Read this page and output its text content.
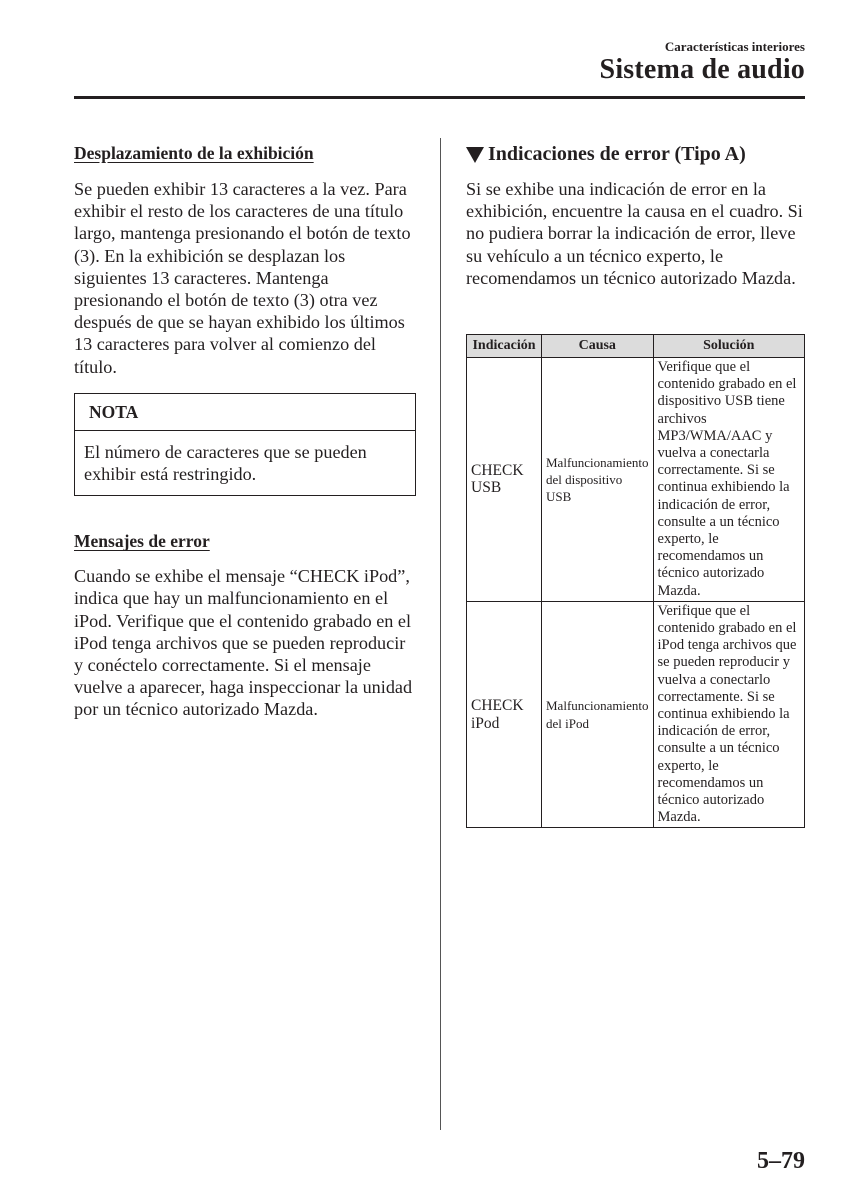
Características interiores
Sistema de audio

Desplazamiento de la exhibición

Se pueden exhibir 13 caracteres a la vez. Para exhibir el resto de los caracteres de una título largo, mantenga presionando el botón de texto (3). En la exhibición se desplazan los siguientes 13 caracteres. Mantenga presionando el botón de texto (3) otra vez después de que se hayan exhibido los últimos 13 caracteres para volver al comienzo del título.

NOTA
El número de caracteres que se pueden exhibir está restringido.

Mensajes de error

Cuando se exhibe el mensaje “CHECK iPod”, indica que hay un malfuncionamiento en el iPod. Verifique que el contenido grabado en el iPod tenga archivos que se pueden reproducir y conéctelo correctamente. Si el mensaje vuelve a aparecer, haga inspeccionar la unidad por un técnico autorizado Mazda.

Indicaciones de error (Tipo A)

Si se exhibe una indicación de error en la exhibición, encuentre la causa en el cuadro. Si no pudiera borrar la indicación de error, lleve su vehículo a un técnico experto, le recomendamos un técnico autorizado Mazda.

Indicación	Causa	Solución
CHECK USB	Malfuncionamiento del dispositivo USB	Verifique que el contenido grabado en el dispositivo USB tiene archivos MP3/WMA/AAC y vuelva a conectarla correctamente. Si se continua exhibiendo la indicación de error, consulte a un técnico experto, le recomendamos un técnico autorizado Mazda.
CHECK iPod	Malfuncionamiento del iPod	Verifique que el contenido grabado en el iPod tenga archivos que se pueden reproducir y vuelva a conectarlo correctamente. Si se continua exhibiendo la indicación de error, consulte a un técnico experto, le recomendamos un técnico autorizado Mazda.
5–79
